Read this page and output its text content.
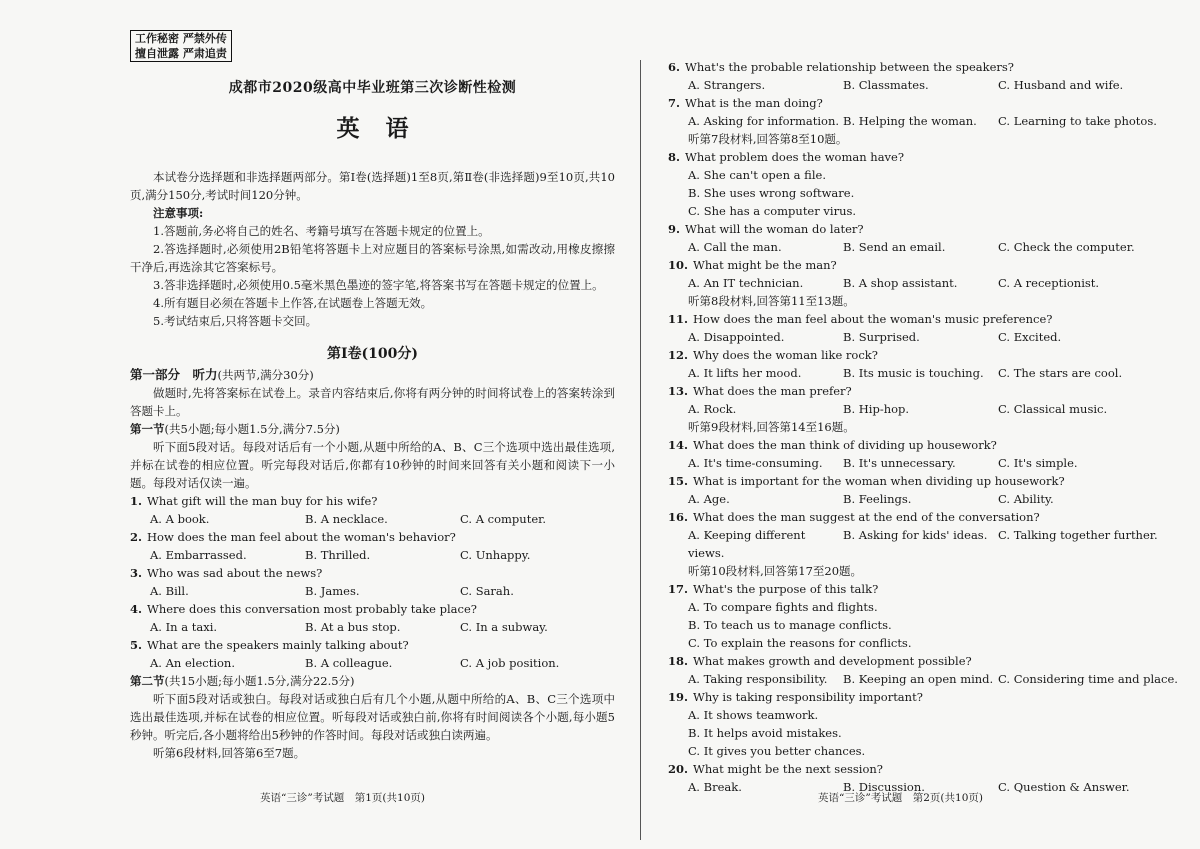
工作秘密 严禁外传
擅自泄露 严肃追责
成都市2020级高中毕业班第三次诊断性检测
英语

本试卷分选择题和非选择题两部分。第Ⅰ卷(选择题)1至8页,第Ⅱ卷(非选择题)9至10页,共10页,满分150分,考试时间120分钟。

注意事项:

1.答题前,务必将自己的姓名、考籍号填写在答题卡规定的位置上。

2.答选择题时,必须使用2B铅笔将答题卡上对应题目的答案标号涂黑,如需改动,用橡皮擦擦干净后,再选涂其它答案标号。

3.答非选择题时,必须使用0.5毫米黑色墨迹的签字笔,将答案书写在答题卡规定的位置上。

4.所有题目必须在答题卡上作答,在试题卷上答题无效。

5.考试结束后,只将答题卡交回。

第Ⅰ卷(100分)

第一部分　听力(共两节,满分30分)

做题时,先将答案标在试卷上。录音内容结束后,你将有两分钟的时间将试卷上的答案转涂到答题卡上。

第一节(共5小题;每小题1.5分,满分7.5分)

听下面5段对话。每段对话后有一个小题,从题中所给的A、B、C三个选项中选出最佳选项,并标在试卷的相应位置。听完每段对话后,你都有10秒钟的时间来回答有关小题和阅读下一小题。每段对话仅读一遍。

1. What gift will the man buy for his wife?

A. A book.	B. A necklace.	C. A computer.

2. How does the man feel about the woman's behavior?

A. Embarrassed.	B. Thrilled.	C. Unhappy.

3. Who was sad about the news?

A. Bill.	B. James.	C. Sarah.

4. Where does this conversation most probably take place?

A. In a taxi.	B. At a bus stop.	C. In a subway.

5. What are the speakers mainly talking about?

A. An election.	B. A colleague.	C. A job position.

第二节(共15小题;每小题1.5分,满分22.5分)

听下面5段对话或独白。每段对话或独白后有几个小题,从题中所给的A、B、C三个选项中选出最佳选项,并标在试卷的相应位置。听每段对话或独白前,你将有时间阅读各个小题,每小题5秒钟。听完后,各小题将给出5秒钟的作答时间。每段对话或独白读两遍。

听第6段材料,回答第6至7题。

英语“三诊”考试题　第1页(共10页)

6. What's the probable relationship between the speakers?

A. Strangers.	B. Classmates.	C. Husband and wife.

7. What is the man doing?

A. Asking for information. B. Helping the woman.	C. Learning to take photos.

听第7段材料,回答第8至10题。

8. What problem does the woman have?

A. She can't open a file.

B. She uses wrong software.

C. She has a computer virus.

9. What will the woman do later?

A. Call the man.	B. Send an email.	C. Check the computer.

10. What might be the man?

A. An IT technician.	B. A shop assistant.	C. A receptionist.

听第8段材料,回答第11至13题。

11. How does the man feel about the woman's music preference?

A. Disappointed.	B. Surprised.	C. Excited.

12. Why does the woman like rock?

A. It lifts her mood.	B. Its music is touching.	C. The stars are cool.

13. What does the man prefer?

A. Rock.	B. Hip-hop.	C. Classical music.

听第9段材料,回答第14至16题。

14. What does the man think of dividing up housework?

A. It's time-consuming.	B. It's unnecessary.	C. It's simple.

15. What is important for the woman when dividing up housework?

A. Age.	B. Feelings.	C. Ability.

16. What does the man suggest at the end of the conversation?

A. Keeping different views.
B. Asking for kids' ideas. C. Talking together further.

听第10段材料,回答第17至20题。

17. What's the purpose of this talk?

A. To compare fights and flights.

B. To teach us to manage conflicts.

C. To explain the reasons for conflicts.

18. What makes growth and development possible?

A. Taking responsibility.	B. Keeping an open mind. C. Considering time and place.

19. Why is taking responsibility important?

A. It shows teamwork.

B. It helps avoid mistakes.

C. It gives you better chances.

20. What might be the next session?

A. Break.	B. Discussion.	C. Question & Answer.

英语“三诊”考试题　第2页(共10页)
